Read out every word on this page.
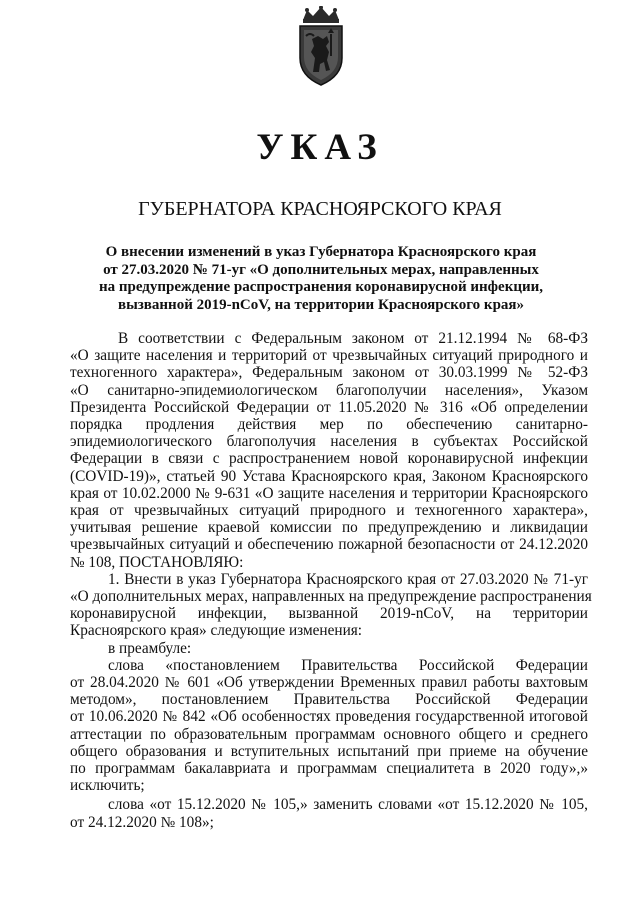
УКАЗ
ГУБЕРНАТОРА КРАСНОЯРСКОГО КРАЯ
О внесении изменений в указ Губернатора Красноярского края
от 27.03.2020 № 71-уг «О дополнительных мерах, направленных
на предупреждение распространения коронавирусной инфекции,
вызванной 2019-nCoV, на территории Красноярского края»
В соответствии с Федеральным законом от 21.12.1994 № 68-ФЗ
«О защите населения и территорий от чрезвычайных ситуаций природного и
техногенного характера», Федеральным законом от 30.03.1999 № 52-ФЗ
«О санитарно-эпидемиологическом благополучии населения», Указом
Президента Российской Федерации от 11.05.2020 № 316 «Об определении
порядка продления действия мер по обеспечению санитарно-
эпидемиологического благополучия населения в субъектах Российской
Федерации в связи с распространением новой коронавирусной инфекции
(COVID-19)», статьей 90 Устава Красноярского края, Законом Красноярского
края от 10.02.2000 № 9-631 «О защите населения и территории Красноярского
края от чрезвычайных ситуаций природного и техногенного характера»,
учитывая решение краевой комиссии по предупреждению и ликвидации
чрезвычайных ситуаций и обеспечению пожарной безопасности от 24.12.2020
№ 108, ПОСТАНОВЛЯЮ:
1. Внести в указ Губернатора Красноярского края от 27.03.2020 № 71-уг
«О дополнительных мерах, направленных на предупреждение распространения
коронавирусной инфекции, вызванной 2019-nCoV, на территории
Красноярского края» следующие изменения:
в преамбуле:
слова «постановлением Правительства Российской Федерации
от 28.04.2020 № 601 «Об утверждении Временных правил работы вахтовым
методом», постановлением Правительства Российской Федерации
от 10.06.2020 № 842 «Об особенностях проведения государственной итоговой
аттестации по образовательным программам основного общего и среднего
общего образования и вступительных испытаний при приеме на обучение
по программам бакалавриата и программам специалитета в 2020 году»,»
исключить;
слова «от 15.12.2020 № 105,» заменить словами «от 15.12.2020 № 105,
от 24.12.2020 № 108»;
